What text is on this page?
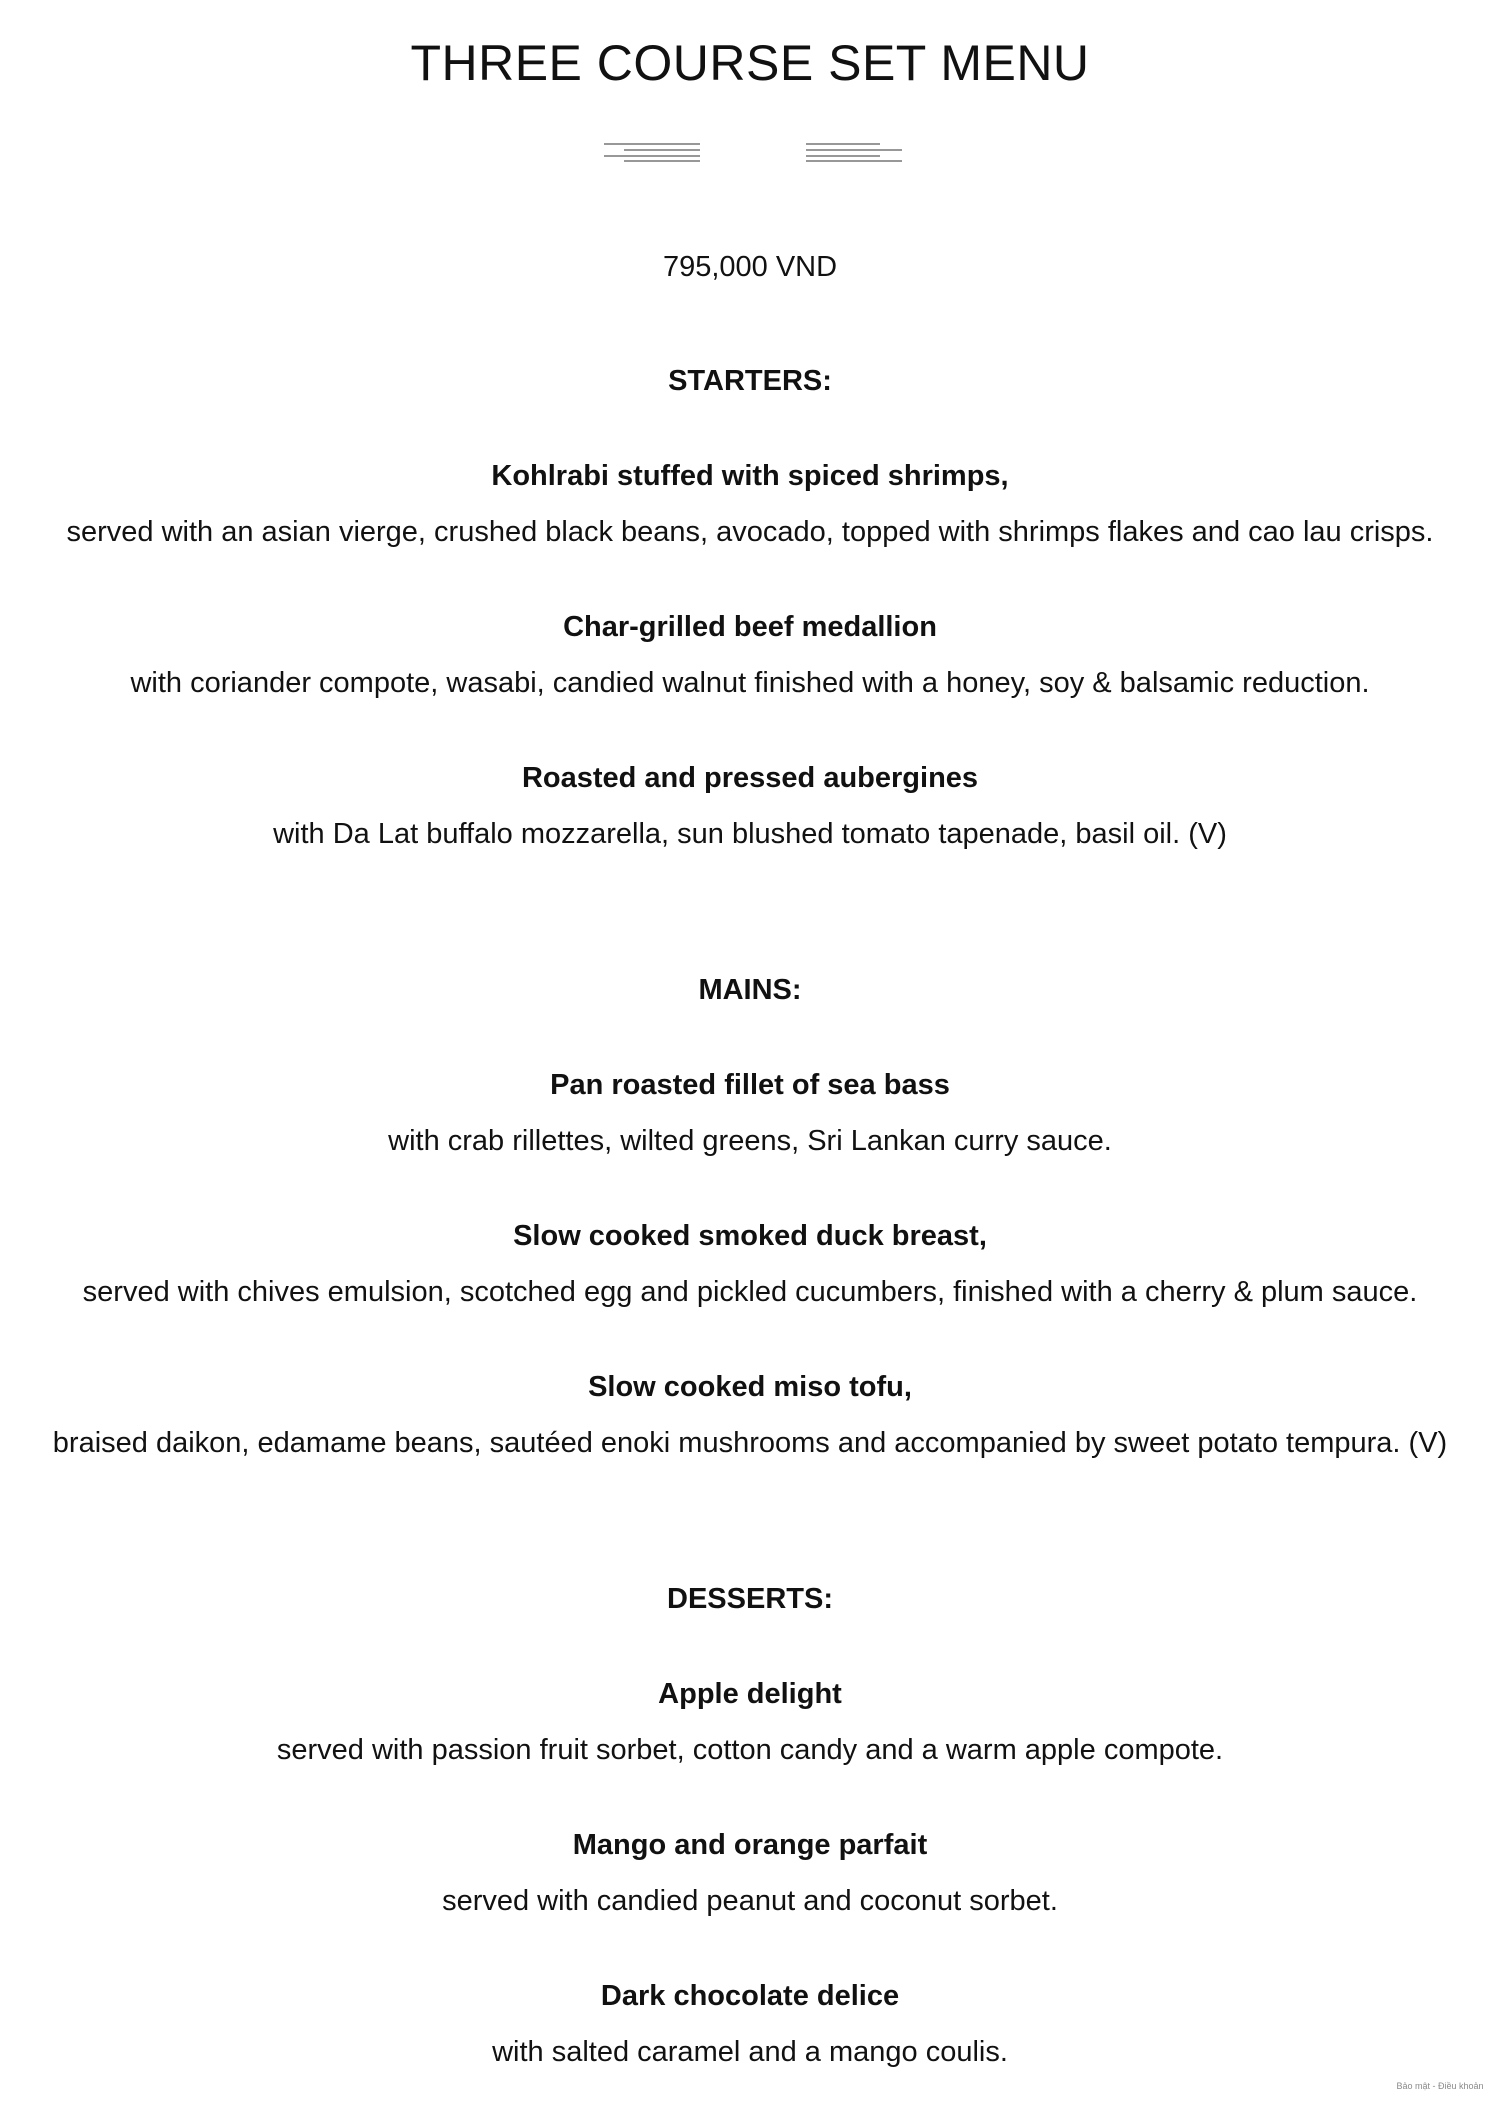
THREE COURSE SET MENU
795,000 VND
STARTERS:
Kohlrabi stuffed with spiced shrimps,
served with an asian vierge, crushed black beans, avocado, topped with shrimps flakes and cao lau crisps.
Char-grilled beef medallion
with coriander compote, wasabi, candied walnut finished with a honey, soy & balsamic reduction.
Roasted and pressed aubergines
with Da Lat buffalo mozzarella, sun blushed tomato tapenade, basil oil. (V)
MAINS:
Pan roasted fillet of sea bass
with crab rillettes, wilted greens, Sri Lankan curry sauce.
Slow cooked smoked duck breast,
served with chives emulsion, scotched egg and pickled cucumbers, finished with a cherry & plum sauce.
Slow cooked miso tofu,
braised daikon, edamame beans, sautéed enoki mushrooms and accompanied by sweet potato tempura. (V)
DESSERTS:
Apple delight
served with passion fruit sorbet, cotton candy and a warm apple compote.
Mango and orange parfait
served with candied peanut and coconut sorbet.
Dark chocolate delice
with salted caramel and a mango coulis.
Bảo mật - Điều khoản
